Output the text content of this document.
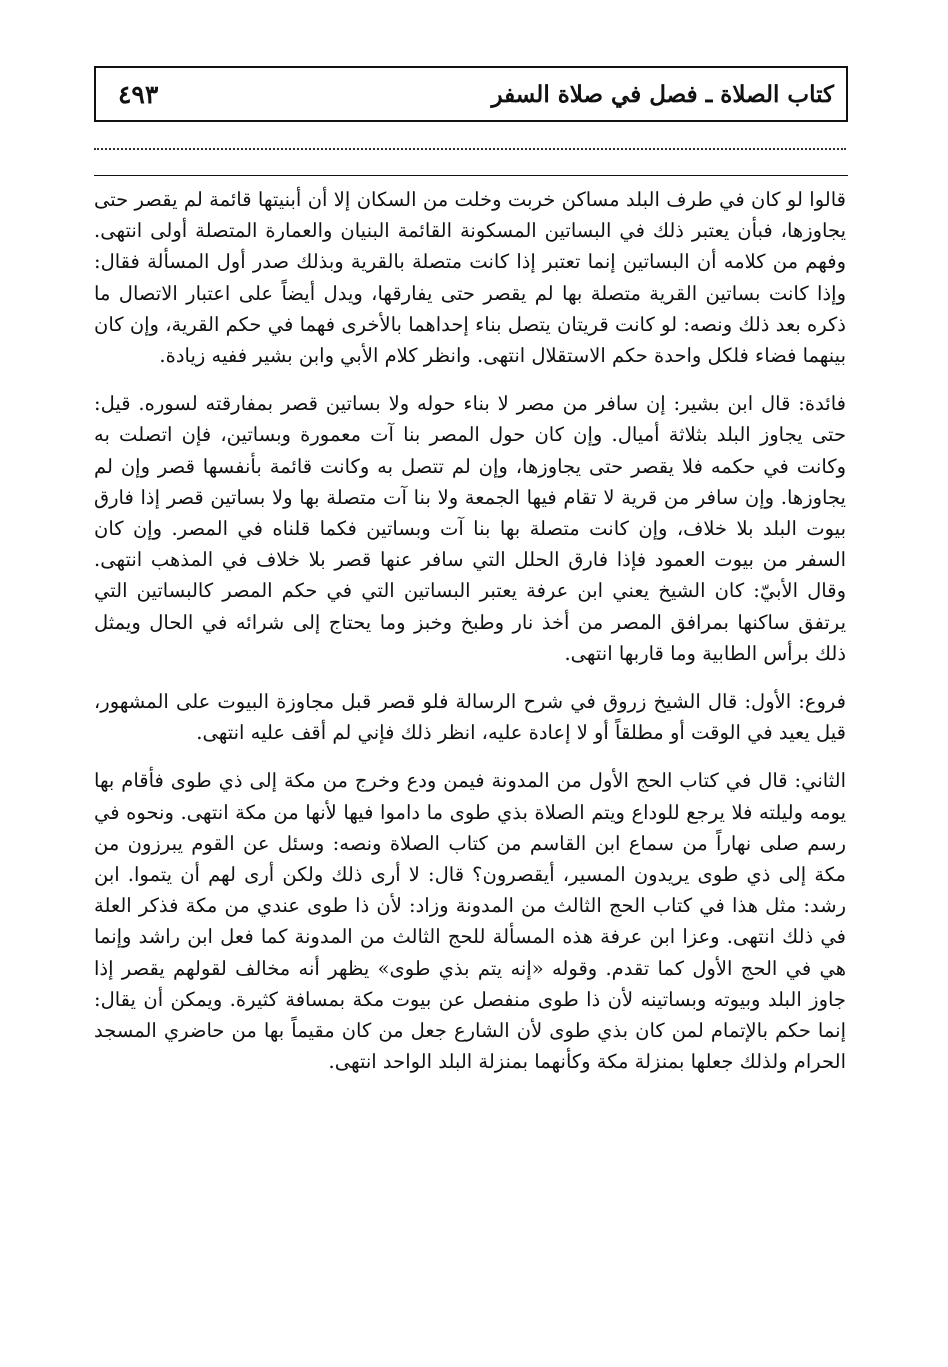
كتاب الصلاة ـ فصل في صلاة السفر
٤٩٣

قالوا لو كان في طرف البلد مساكن خربت وخلت من السكان إلا أن أبنيتها قائمة لم يقصر حتى يجاوزها، فبأن يعتبر ذلك في البساتين المسكونة القائمة البنيان والعمارة المتصلة أولى انتهى. وفهم من كلامه أن البساتين إنما تعتبر إذا كانت متصلة بالقرية وبذلك صدر أول المسألة فقال: وإذا كانت بساتين القرية متصلة بها لم يقصر حتى يفارقها، ويدل أيضاً على اعتبار الاتصال ما ذكره بعد ذلك ونصه: لو كانت قريتان يتصل بناء إحداهما بالأخرى فهما في حكم القرية، وإن كان بينهما فضاء فلكل واحدة حكم الاستقلال انتهى. وانظر كلام الأبي وابن بشير ففيه زيادة.

فائدة: قال ابن بشير: إن سافر من مصر لا بناء حوله ولا بساتين قصر بمفارقته لسوره. قيل: حتى يجاوز البلد بثلاثة أميال. وإن كان حول المصر بنا آت معمورة وبساتين، فإن اتصلت به وكانت في حكمه فلا يقصر حتى يجاوزها، وإن لم تتصل به وكانت قائمة بأنفسها قصر وإن لم يجاوزها. وإن سافر من قرية لا تقام فيها الجمعة ولا بنا آت متصلة بها ولا بساتين قصر إذا فارق بيوت البلد بلا خلاف، وإن كانت متصلة بها بنا آت وبساتين فكما قلناه في المصر. وإن كان السفر من بيوت العمود فإذا فارق الحلل التي سافر عنها قصر بلا خلاف في المذهب انتهى. وقال الأبيّ: كان الشيخ يعني ابن عرفة يعتبر البساتين التي في حكم المصر كالبساتين التي يرتفق ساكنها بمرافق المصر من أخذ نار وطبخ وخبز وما يحتاج إلى شرائه في الحال ويمثل ذلك برأس الطابية وما قاربها انتهى.

فروع: الأول: قال الشيخ زروق في شرح الرسالة فلو قصر قبل مجاوزة البيوت على المشهور، قيل يعيد في الوقت أو مطلقاً أو لا إعادة عليه، انظر ذلك فإني لم أقف عليه انتهى.

الثاني: قال في كتاب الحج الأول من المدونة فيمن ودع وخرج من مكة إلى ذي طوى فأقام بها يومه وليلته فلا يرجع للوداع ويتم الصلاة بذي طوى ما داموا فيها لأنها من مكة انتهى. ونحوه في رسم صلى نهاراً من سماع ابن القاسم من كتاب الصلاة ونصه: وسئل عن القوم يبرزون من مكة إلى ذي طوى يريدون المسير، أيقصرون؟ قال: لا أرى ذلك ولكن أرى لهم أن يتموا. ابن رشد: مثل هذا في كتاب الحج الثالث من المدونة وزاد: لأن ذا طوى عندي من مكة فذكر العلة في ذلك انتهى. وعزا ابن عرفة هذه المسألة للحج الثالث من المدونة كما فعل ابن راشد وإنما هي في الحج الأول كما تقدم. وقوله «إنه يتم بذي طوى» يظهر أنه مخالف لقولهم يقصر إذا جاوز البلد وبيوته وبساتينه لأن ذا طوى منفصل عن بيوت مكة بمسافة كثيرة. ويمكن أن يقال: إنما حكم بالإتمام لمن كان بذي طوى لأن الشارع جعل من كان مقيماً بها من حاضري المسجد الحرام ولذلك جعلها بمنزلة مكة وكأنهما بمنزلة البلد الواحد انتهى.
